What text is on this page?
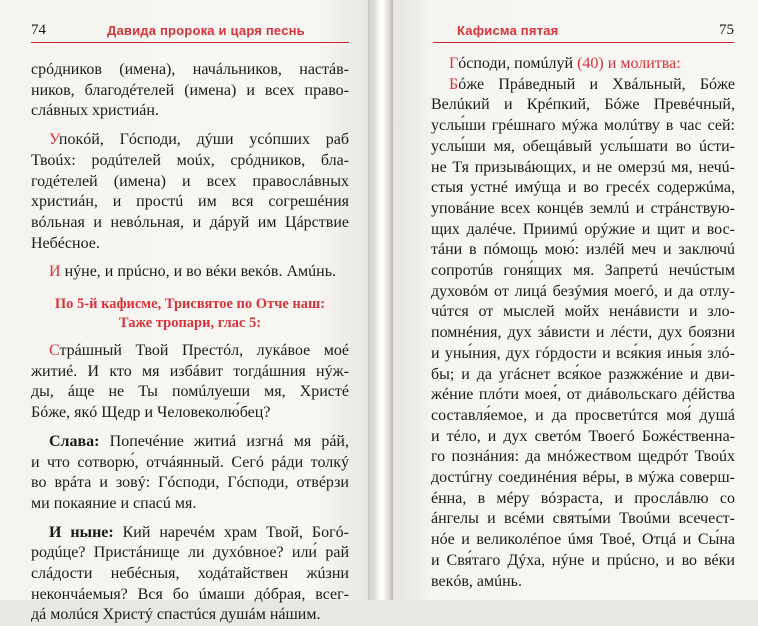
74	Давида пророка и царя песнь

срóдников (имена), начáльников, настáв-
ников, благодéтелей (имена) и всех право-
слáвных христиáн.

Упокóй, Гóсподи, дýши усóпших раб
Твоúх: родúтелей моúх, срóдников, бла-
годéтелей (имена) и всех правослáвных
христиáн, и простú им вся согрешéния
вóльная и невóльная, и дáруй им Цáрствие
Небéсное.

И нýне, и прúсно, и во вéки векóв. Амúнь.

По 5-й кафисме, Трисвятое по Отче наш:
Таже тропари, глас 5:

Стрáшный Твой Престóл, лукáвое моé
житиé. И кто мя избáвит тогдáшния нýж-
ды, áще не Ты помúлуеши мя, Христé
Бóже, якó Щедр и Человеколю́бец?

Слава: Попечéние житиá изгнá мя рáй,
и что сотворю́, отчáянный. Сегó рáди толкý
во врáта и зовý: Гóсподи, Гóсподи, отвéрзи
ми покаяние и спасú мя.

И ныне: Кий наречéм храм Твой, Богó-
родúце? Пристáнище ли духóвное? или́ рай
слáдости небéсныя, ходáтайствен жúзни
некончáемыя? Вся бо úмаши дóбрая, всег-
дá молúся Христý спастúся душáм нáшим.

Кафисма пятая	75

Гóсподи, помúлуй (40) и молитва:

Бóже Прáведный и Хвáльный, Бóже
Велúкий и Крéпкий, Бóже Превéчный,
услы́ши грéшнаго мýжа молúтву в час сей:
услы́ши мя, обещáвый услы́шати во úсти-
не Тя призывáющих, и не омерзú мя, нечú-
стыя устнé имýща и во гресéх содержúма,
уповáние всех концéв землú и стрáнствую-
щих далéче. Приимú орýжие и щит и вос-
тáни в пóмощь мою́: излéй меч и заключú
сопротúв гоня́щих мя. Запретú нечúстым
духовóм от лицá безýмия моегó, и да отлу-
чúтся от мыслей мойх ненáвисти и зло-
помнéния, дух зáвисти и лéсти, дух боязни
и уны́ния, дух гóрдости и вся́кия ины́я злó-
бы; и да угáснет вся́кое разжжéние и дви-
жéние плóти моея́, от диáвольскаго дéйства
составля́емое, и да просветúтся моя́ душá
и тéло, и дух светóм Твоегó Божéственна-
го познáния: да мнóжеством щедрóт Твоúх
достúгну соединéния вéры, в мýжа соверш-
éнна, в мéру вóзраста, и прослáвлю со
áнгелы и всéми святы́ми Твоúми всечест-
нóе и великолéпое úмя Твоé, Отцá и Сы́на
и Свя́таго Дýха, нýне и прúсно, и во вéки
векóв, амúнь.
